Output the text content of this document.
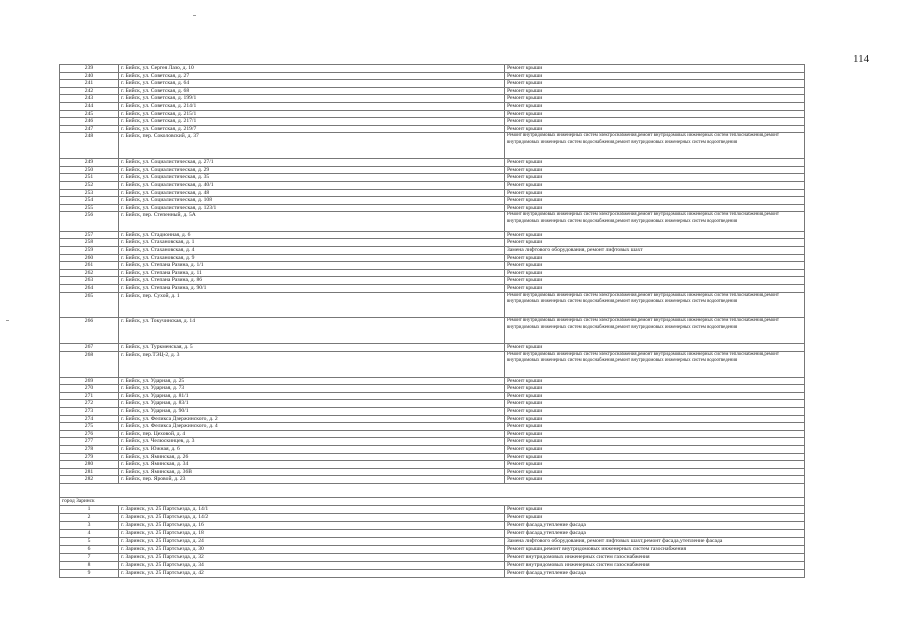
114
239	г. Бийск, ул. Сергея Лазо, д. 10	Ремонт крыши
240	г. Бийск, ул. Советская, д. 27	Ремонт крыши
241	г. Бийск, ул. Советская, д. 64	Ремонт крыши
242	г. Бийск, ул. Советская, д. 68	Ремонт крыши
243	г. Бийск, ул. Советская, д. 199/1	Ремонт крыши
244	г. Бийск, ул. Советская, д. 214/1	Ремонт крыши
245	г. Бийск, ул. Советская, д. 215/1	Ремонт крыши
246	г. Бийск, ул. Советская, д. 217/1	Ремонт крыши
247	г. Бийск, ул. Советская, д. 219/7	Ремонт крыши
248	г. Бийск, пер. Соколовский, д. 37	Ремонт внутридомовых инженерных систем электроснабжения,ремонт внутридомовых инженерных систем теплоснабжения,ремонт внутридомовых инженерных систем водоснабжения,ремонт внутридомовых инженерных систем водоотведения
249	г. Бийск, ул. Социалистическая, д. 27/1	Ремонт крыши
250	г. Бийск, ул. Социалистическая, д. 29	Ремонт крыши
251	г. Бийск, ул. Социалистическая, д. 35	Ремонт крыши
252	г. Бийск, ул. Социалистическая, д. 40/1	Ремонт крыши
253	г. Бийск, ул. Социалистическая, д. 48	Ремонт крыши
254	г. Бийск, ул. Социалистическая, д. 108	Ремонт крыши
255	г. Бийск, ул. Социалистическая, д. 123/1	Ремонт крыши
256	г. Бийск, пер. Степенный, д. 5А	Ремонт внутридомовых инженерных систем электроснабжения,ремонт внутридомовых инженерных систем теплоснабжения,ремонт внутридомовых инженерных систем водоснабжения,ремонт внутридомовых инженерных систем водоотведения
257	г. Бийск, ул. Стадионная, д. 6	Ремонт крыши
258	г. Бийск, ул. Стахановская, д. 1	Ремонт крыши
259	г. Бийск, ул. Стахановская, д. 4	Замена лифтового оборудования, ремонт лифтовых шахт
260	г. Бийск, ул. Стахановская, д. 9	Ремонт крыши
261	г. Бийск, ул. Степана Разина, д. 1/1	Ремонт крыши
262	г. Бийск, ул. Степана Разина, д. 11	Ремонт крыши
263	г. Бийск, ул. Степана Разина, д. 86	Ремонт крыши
264	г. Бийск, ул. Степана Разина, д. 90/1	Ремонт крыши
265	г. Бийск, пер. Сухой, д. 1	Ремонт внутридомовых инженерных систем электроснабжения,ремонт внутридомовых инженерных систем теплоснабжения,ремонт внутридомовых инженерных систем водоснабжения,ремонт внутридомовых инженерных систем водоотведения
266	г. Бийск, ул. Токучинская, д. 14	Ремонт внутридомовых инженерных систем электроснабжения,ремонт внутридомовых инженерных систем теплоснабжения,ремонт внутридомовых инженерных систем водоснабжения,ремонт внутридомовых инженерных систем водоотведения
267	г. Бийск, ул. Туркменская, д. 5	Ремонт крыши
268	г. Бийск, пер.ТЭЦ-2, д. 3	Ремонт внутридомовых инженерных систем электроснабжения,ремонт внутридомовых инженерных систем теплоснабжения,ремонт внутридомовых инженерных систем водоснабжения,ремонт внутридомовых инженерных систем водоотведения
269	г. Бийск, ул. Ударная, д. 25	Ремонт крыши
270	г. Бийск, ул. Ударная, д. 73	Ремонт крыши
271	г. Бийск, ул. Ударная, д. 81/1	Ремонт крыши
272	г. Бийск, ул. Ударная, д. 83/1	Ремонт крыши
273	г. Бийск, ул. Ударная, д. 90/1	Ремонт крыши
274	г. Бийск, ул. Феликса Дзержинского, д. 2	Ремонт крыши
275	г. Бийск, ул. Феликса Дзержинского, д. 4	Ремонт крыши
276	г. Бийск, пер. Цеховой, д. 4	Ремонт крыши
277	г. Бийск, ул. Челюскинцев, д. 3	Ремонт крыши
278	г. Бийск, ул. Южная, д. 6	Ремонт крыши
279	г. Бийск, ул. Яминская, д. 26	Ремонт крыши
280	г. Бийск, ул. Яминская, д. 34	Ремонт крыши
281	г. Бийск, ул. Яминская, д. 36В	Ремонт крыши
282	г. Бийск, пер. Яровой, д. 23	Ремонт крыши

город Заринск		
1	г. Заринск, ул. 25 Партсъезда, д. 14/1	Ремонт крыши
2	г. Заринск, ул. 25 Партсъезда, д. 14/2	Ремонт крыши
3	г. Заринск, ул. 25 Партсъезда, д. 16	Ремонт фасада,утепление фасада
4	г. Заринск, ул. 25 Партсъезда, д. 18	Ремонт фасада,утепление фасада
5	г. Заринск, ул. 25 Партсъезда, д. 24	Замена лифтового оборудования, ремонт лифтовых шахт,ремонт фасада,утепление фасада
6	г. Заринск, ул. 25 Партсъезда, д. 30	Ремонт крыши,ремонт внутридомовых инженерных систем газоснабжения
7	г. Заринск, ул. 25 Партсъезда, д. 32	Ремонт внутридомовых инженерных систем газоснабжения
8	г. Заринск, ул. 25 Партсъезда, д. 34	Ремонт внутридомовых инженерных систем газоснабжения
9	г. Заринск, ул. 25 Партсъезда, д. 42	Ремонт фасада,утепление фасада
